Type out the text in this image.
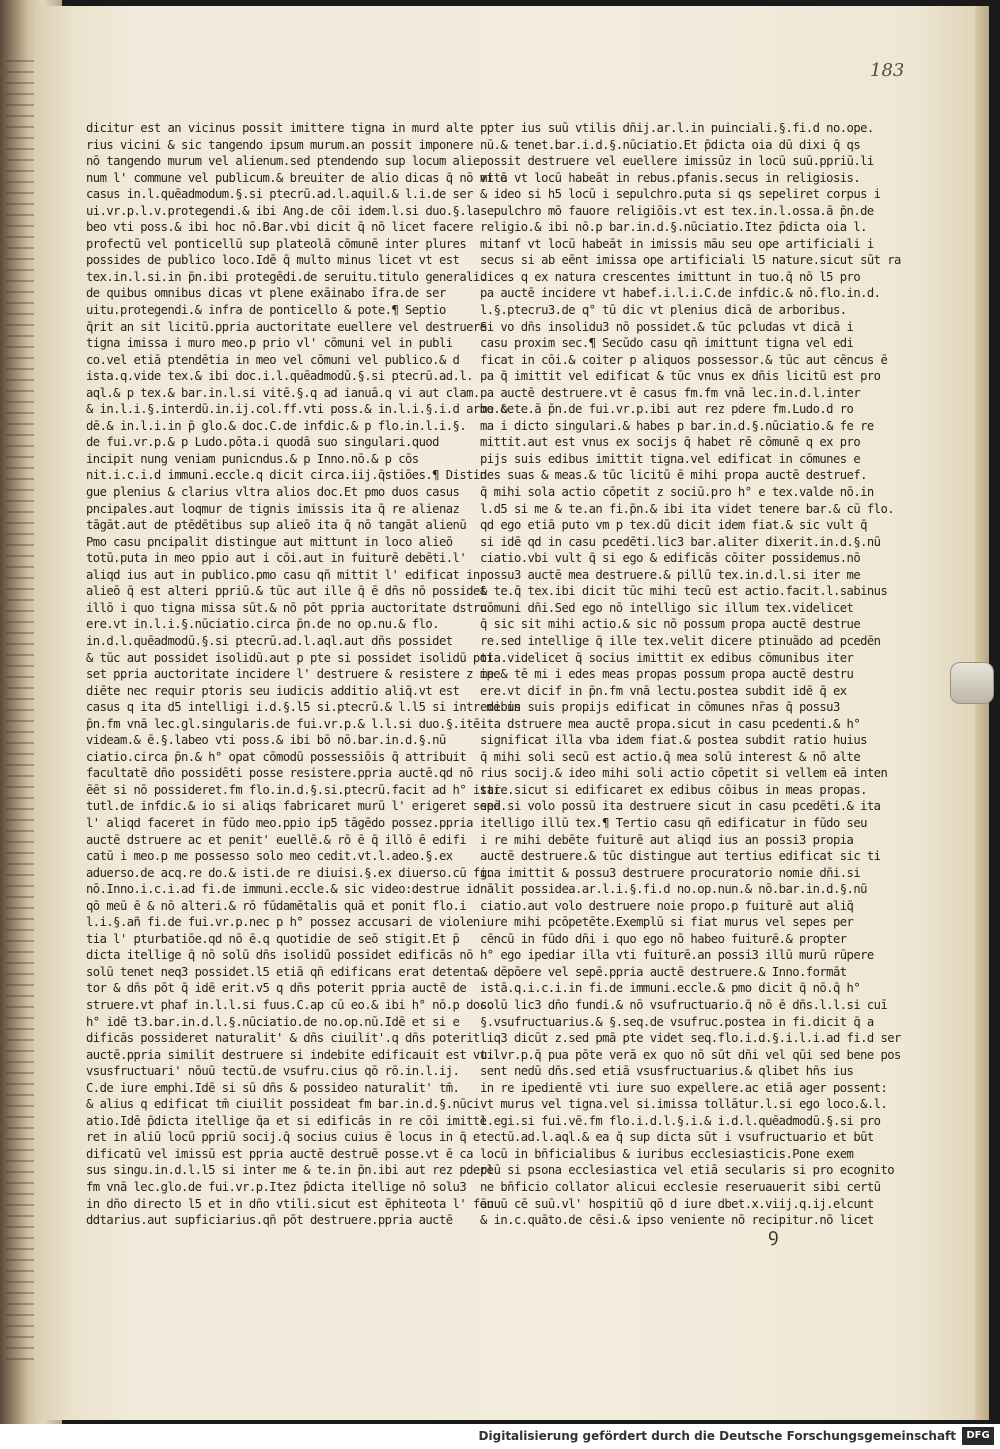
183
dicitur est an vicinus possit imittere tigna in murd alte
rius vicini & sic tangendo ipsum murum.an possit imponere
nō tangendo murum vel alienum.sed ptendendo sup locum alie
num l' commune vel publicum.& breuiter de alio dicas q̄ nō vt ē
casus in.l.quēadmodum.§.si ptecrū.ad.l.aquil.& l.i.de ser
ui.vr.p.l.v.protegendi.& ibi Ang.de cōi idem.l.si duo.§.la
beo vti poss.& ibi hoc nō.Bar.vbi dicit q̄ nō licet facere
profectū vel ponticellū sup plateolā cōmunē inter plures
possides de publico loco.Idē q̄ multo minus licet vt est
tex.in.l.si.in p̄n.ibi protegēdi.de seruitu.titulo generali.
de quibus omnibus dicas vt plene exāinabo īfra.de ser
uitu.protegendi.& infra de ponticello & pote.¶ Septio
q̄rit an sit licitū.ppria auctoritate euellere vel destruere
tigna imissa i muro meo.p prio vl' cōmuni vel in publi
co.vel etiā ptendētia in meo vel cōmuni vel publico.& d
ista.q.vide tex.& ibi doc.i.l.quēadmodū.§.si ptecrū.ad.l.
aql.& p tex.& bar.in.l.si vitē.§.q ad ianuā.q vi aut clam.
& in.l.i.§.interdū.in.ij.col.ff.vti poss.& in.l.i.§.i.d arbo.ce
dē.& in.l.i.in p̄ glo.& doc.C.de infdic.& p flo.in.l.i.§.
de fui.vr.p.& p Ludo.pōta.i quodā suo singulari.quod
incipit nung veniam punicndus.& p Inno.nō.& p cōs
nit.i.c.i.d immuni.eccle.q dicit circa.iij.q̄stiōes.¶ Distin
gue plenius & clarius vltra alios doc.Et pmo duos casus
pncipales.aut loqmur de tignis imissis ita q̄ re alienaz
tāgāt.aut de ptēdētibus sup alieō ita q̄ nō tangāt alienū
Pmo casu pncipalit distingue aut mittunt in loco alieō
totū.puta in meo ppio aut i cōi.aut in fuiturē debēti.l'
aliqd ius aut in publico.pmo casu qn̄ mittit l' edificat in
alieō q̄ est alteri ppriū.& tūc aut ille q̄ ē dn̄s nō possidet
illō i quo tigna missa sūt.& nō pōt ppria auctoritate dstru
ere.vt in.l.i.§.nūciatio.circa p̄n.de no op.nu.& flo.
in.d.l.quēadmodū.§.si ptecrū.ad.l.aql.aut dn̄s possidet
& tūc aut possidet isolidū.aut p pte si possidet isolidū pot
set ppria auctoritate incidere l' destruere & resistere z ipe
diēte nec requir ptoris seu iudicis additio aliq̄.vt est
casus q ita d5 intelligi i.d.§.l5 si.ptecrū.& l.l5 si intr me in
p̄n.fm vnā lec.gl.singularis.de fui.vr.p.& l.l.si duo.§.itē
videam.& ē.§.labeo vti poss.& ibi bō nō.bar.in.d.§.nū
ciatio.circa p̄n.& h° opat cōmodū possessiōis q̄ attribuit
facultatē dn̄o possidēti posse resistere.ppria auctē.qd nō
ēēt si nō possideret.fm flo.in.d.§.si.ptecrū.facit ad h° isti
tutl.de infdic.& io si aliqs fabricaret murū l' erigeret sepē.
l' aliqd faceret in fūdo meo.ppio ip5 tāgēdo possez.ppria
auctē dstruere ac et penit' euellē.& rō ē q̄ illō ē edifi
catū i meo.p me possesso solo meo cedit.vt.l.adeo.§.ex
aduerso.de acq.re do.& isti.de re diuisi.§.ex diuerso.cū fi.
nō.Inno.i.c.i.ad fi.de immuni.eccle.& sic video:destrue id
qō meū ē & nō alteri.& rō fūdamētalis quā et ponit flo.i
l.i.§.añ fi.de fui.vr.p.nec p h° possez accusari de violen
tia l' pturbatiōe.qd nō ē.q quotidie de seō stigit.Et p̄
dicta itellige q̄ nō solū dn̄s isolidū possidet edificās nō
solū tenet neq3 possidet.l5 etiā qn̄ edificans erat detenta
tor & dn̄s pōt q̄ idē erit.v5 q dn̄s poterit ppria auctē de
struere.vt phaf in.l.l.si fuus.C.ap cū eo.& ibi h° nō.p doc.
h° idē t3.bar.in.d.l.§.nūciatio.de no.op.nū.Idē et si e
dificās possideret naturalit' & dn̄s ciuilit'.q dn̄s poterit
auctē.ppria similit destruere si indebite edificauit est vt.l.
vsusfructuari' nōuū tectū.de vsufru.cius qō rō.in.l.ij.
C.de iure emphi.Idē si sū dn̄s & possideo naturalit' tm̄.
& alius q edificat tm̄ ciuilit possideat fm bar.in.d.§.nūci
atio.Idē p̄dicta itellige q̄a et si edificās in re cōi imitte
ret in aliū locū ppriū socij.q̄ socius cuius ē locus in q̄ e
dificatū vel imissū est ppria auctē destruē posse.vt ē ca
sus singu.in.d.l.l5 si inter me & te.in p̄n.ibi aut rez pdere
fm vnā lec.glo.de fui.vr.p.Itez p̄dicta itellige nō solu3
in dn̄o directo l5 et in dn̄o vtili.sicut est ēphiteota l' feu
ddtarius.aut supficiarius.qn̄ pōt destruere.ppria auctē
ppter ius suū vtilis dn̄ij.ar.l.in puinciali.§.fi.d no.ope.
nū.& tenet.bar.i.d.§.nūciatio.Et p̄dicta oia dū dixi q̄ qs
possit destruere vel euellere imissūz in locū suū.ppriū.li
mita vt locū habeāt in rebus.pfanis.secus in religiosis.
& ideo si h5 locū i sepulchro.puta si qs sepeliret corpus i
sepulchro mō fauore religiōis.vt est tex.in.l.ossa.ā p̄n.de
religio.& ibi nō.p bar.in.d.§.nūciatio.Itez p̄dicta oia l.
mitanf vt locū habeāt in imissis māu seu ope artificiali i
secus si ab eēnt imissa ope artificiali l5 nature.sicut sūt ra
dices q ex natura crescentes imittunt in tuo.q̄ nō l5 pro
pa auctē incidere vt habef.i.l.i.C.de infdic.& nō.flo.in.d.
l.§.ptecru3.de q° tū dic vt plenius dicā de arboribus.
Si vo dn̄s insolidu3 nō possidet.& tūc pcludas vt dicā i
casu proxim sec.¶ Secūdo casu qn̄ imittunt tigna vel edi
ficat in cōi.& coiter p aliquos possessor.& tūc aut cēncus ē
pa q̄ imittit vel edificat & tūc vnus ex dn̄is licitū est pro
pa auctē destruere.vt ē casus fm.fm vnā lec.in.d.l.inter
me & te.ā p̄n.de fui.vr.p.ibi aut rez pdere fm.Ludo.d ro
ma i dicto singulari.& habes p bar.in.d.§.nūciatio.& fe re
mittit.aut est vnus ex socijs q̄ habet rē cōmunē q ex pro
pijs suis edibus imittit tigna.vel edificat in cōmunes e
des suas & meas.& tūc licitū ē mihi propa auctē destruef.
q̄ mihi sola actio cōpetit z sociū.pro h° e tex.valde nō.in
l.d5 si me & te.an fi.p̄n.& ibi ita videt tenere bar.& cū flo.
qd ego etiā puto vm p tex.dū dicit idem fiat.& sic vult q̄
si idē qd in casu pcedēti.lic3 bar.aliter dixerit.in.d.§.nū
ciatio.vbi vult q̄ si ego & edificās cōiter possidemus.nō
possu3 auctē mea destruere.& pillū tex.in.d.l.si iter me
& te.q̄ tex.ibi dicit tūc mihi tecū est actio.facit.l.sabinus
cōmuni dn̄i.Sed ego nō intelligo sic illum tex.videlicet
q̄ sic sit mihi actio.& sic nō possum propa auctē destrue
re.sed intellige q̄ ille tex.velit dicere ptinuādo ad pcedēn
tia.videlicet q̄ socius imittit ex edibus cōmunibus iter
me & tē mi i edes meas propas possum propa auctē destru
ere.vt dicif in p̄n.fm vnā lectu.postea subdit idē q̄ ex
edibus suis propijs edificat in cōmunes nr̄as q̄ possu3
ita dstruere mea auctē propa.sicut in casu pcedenti.& h°
significat illa vba idem fiat.& postea subdit ratio huius
q̄ mihi soli secū est actio.q̄ mea solū interest & nō alte
rius socij.& ideo mihi soli actio cōpetit si vellem eā inten
tare.sicut si edificaret ex edibus cōibus in meas propas.
sed si volo possū ita destruere sicut in casu pcedēti.& ita
itelligo illū tex.¶ Tertio casu qn̄ edificatur in fūdo seu
i re mihi debēte fuiturē aut aliqd ius an possi3 propia
auctē destruere.& tūc distingue aut tertius edificat sic ti
gna imittit & possu3 destruere procuratorio nomie dn̄i.si
nālit possidea.ar.l.i.§.fi.d no.op.nun.& nō.bar.in.d.§.nū
ciatio.aut volo destruere noie propo.p fuiturē aut aliq̄
iure mihi pcōpetēte.Exemplū si fiat murus vel sepes per
cēncū in fūdo dn̄i i quo ego nō habeo fuiturē.& propter
h° ego ipediar illa vti fuiturē.an possi3 illū murū rūpere
& dēpōere vel sepē.ppria auctē destruere.& Inno.formāt
istā.q.i.c.i.in fi.de immuni.eccle.& pmo dicit q̄ nō.q̄ h°
solū lic3 dn̄o fundi.& nō vsufructuario.q̄ nō ē dn̄s.l.l.si cuī
§.vsufructuarius.& §.seq.de vsufruc.postea in fi.dicit q̄ a
liq3 dicūt z.sed pmā pte videt seq.flo.i.d.§.i.l.i.ad fi.d ser
ui.vr.p.q̄ pua pōte verā ex quo nō sūt dn̄i vel qūi sed bene pos
sent nedū dn̄s.sed etiā vsusfructuarius.& qlibet hn̄s ius
in re ipedientē vti iure suo expellere.ac etiā ager possent:
vt murus vel tigna.vel si.imissa tollātur.l.si ego loco.&.l.
l.egi.si fui.vē.fm flo.i.d.l.§.i.& i.d.l.quēadmodū.§.si pro
tectū.ad.l.aql.& ea q̄ sup dicta sūt i vsufructuario et būt
locū in bn̄ficialibus & iuribus ecclesiasticis.Pone exem
plū si psona ecclesiastica vel etiā secularis si pro ecognito
ne bn̄ficio collator alicui ecclesie reseruauerit sibi certū
ānuū cē suū.vl' hospitiū qō d iure dbet.x.viij.q.ij.elcunt
& in.c.quāto.de cēsi.& ipso veniente nō recipitur.nō licet
ꝯ
Digitalisierung gefördert durch die Deutsche Forschungsgemeinschaft	DFG
